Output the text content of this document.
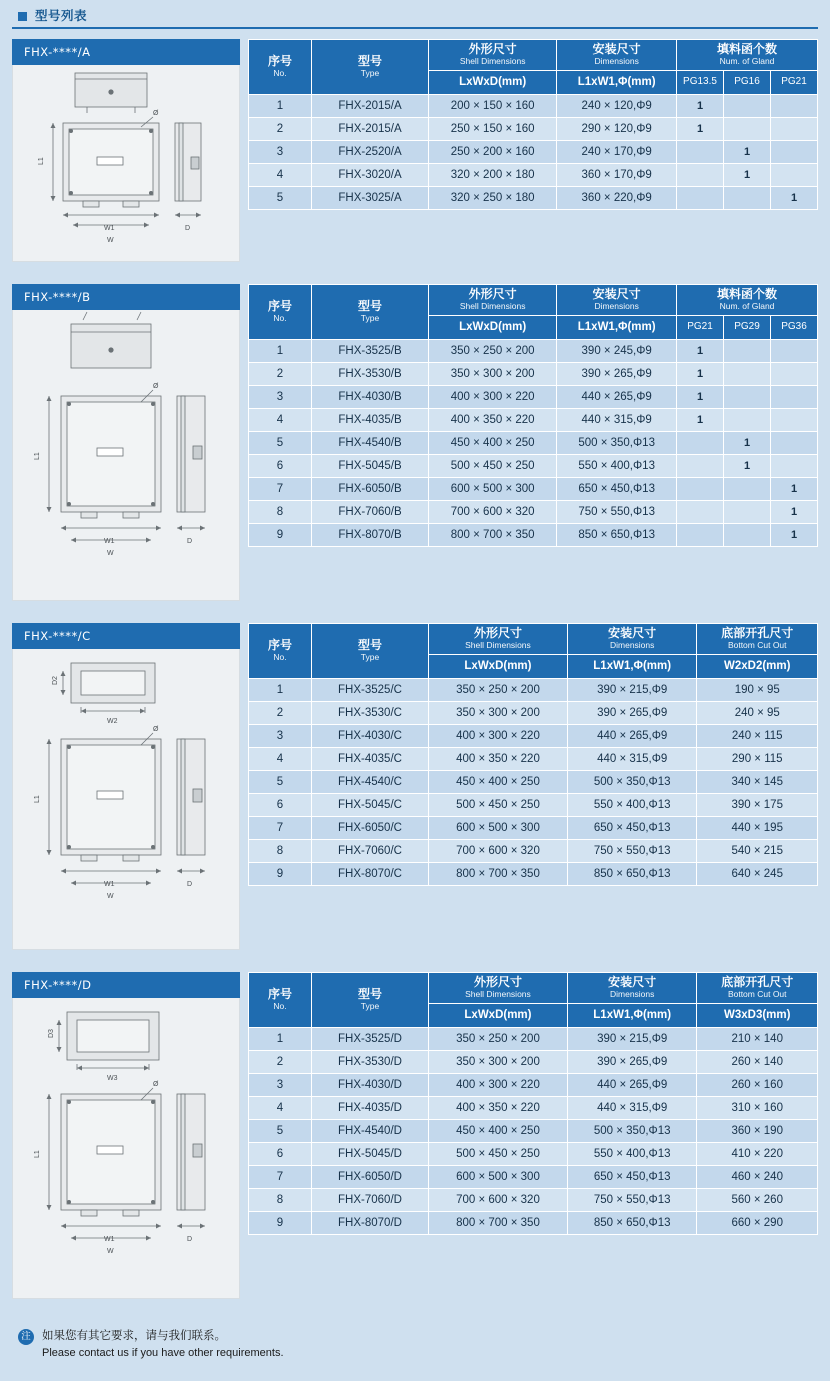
型号列表
FHX-****/A
L1
W1
W
D
Ø
序号
No.	型号
Type	外形尺寸
Shell Dimensions	安装尺寸
Dimensions	填料函个数
Num. of Gland		

		LxWxD(mm)	L1xW1,Φ(mm)	PG13.5	PG16	PG21
1	FHX-2015/A	200 × 150 × 160	240 × 120,Φ9	1		
2	FHX-2015/A	250 × 150 × 160	290 × 120,Φ9	1		
3	FHX-2520/A	250 × 200 × 160	240 × 170,Φ9		1	
4	FHX-3020/A	320 × 200 × 180	360 × 170,Φ9		1	
5	FHX-3025/A	320 × 250 × 180	360 × 220,Φ9			1
FHX-****/B
L1
W1
W
D
Ø
序号
No.	型号
Type	外形尺寸
Shell Dimensions	安装尺寸
Dimensions	填料函个数
Num. of Gland		

		LxWxD(mm)	L1xW1,Φ(mm)	PG21	PG29	PG36
1	FHX-3525/B	350 × 250 × 200	390 × 245,Φ9	1		
2	FHX-3530/B	350 × 300 × 200	390 × 265,Φ9	1		
3	FHX-4030/B	400 × 300 × 220	440 × 265,Φ9	1		
4	FHX-4035/B	400 × 350 × 220	440 × 315,Φ9	1		
5	FHX-4540/B	450 × 400 × 250	500 × 350,Φ13		1	
6	FHX-5045/B	500 × 450 × 250	550 × 400,Φ13		1	
7	FHX-6050/B	600 × 500 × 300	650 × 450,Φ13			1
8	FHX-7060/B	700 × 600 × 320	750 × 550,Φ13			1
9	FHX-8070/B	800 × 700 × 350	850 × 650,Φ13			1
FHX-****/C
D2
W2
L1
W1
W
D
Ø
序号
No.	型号
Type	外形尺寸
Shell Dimensions	安装尺寸
Dimensions	底部开孔尺寸
Bottom Cut Out

		LxWxD(mm)	L1xW1,Φ(mm)	W2xD2(mm)
1	FHX-3525/C	350 × 250 × 200	390 × 215,Φ9	190 × 95
2	FHX-3530/C	350 × 300 × 200	390 × 265,Φ9	240 × 95
3	FHX-4030/C	400 × 300 × 220	440 × 265,Φ9	240 × 115
4	FHX-4035/C	400 × 350 × 220	440 × 315,Φ9	290 × 115
5	FHX-4540/C	450 × 400 × 250	500 × 350,Φ13	340 × 145
6	FHX-5045/C	500 × 450 × 250	550 × 400,Φ13	390 × 175
7	FHX-6050/C	600 × 500 × 300	650 × 450,Φ13	440 × 195
8	FHX-7060/C	700 × 600 × 320	750 × 550,Φ13	540 × 215
9	FHX-8070/C	800 × 700 × 350	850 × 650,Φ13	640 × 245
FHX-****/D
D3
W3
L1
W1
W
D
Ø
序号
No.	型号
Type	外形尺寸
Shell Dimensions	安装尺寸
Dimensions	底部开孔尺寸
Bottom Cut Out

		LxWxD(mm)	L1xW1,Φ(mm)	W3xD3(mm)
1	FHX-3525/D	350 × 250 × 200	390 × 215,Φ9	210 × 140
2	FHX-3530/D	350 × 300 × 200	390 × 265,Φ9	260 × 140
3	FHX-4030/D	400 × 300 × 220	440 × 265,Φ9	260 × 160
4	FHX-4035/D	400 × 350 × 220	440 × 315,Φ9	310 × 160
5	FHX-4540/D	450 × 400 × 250	500 × 350,Φ13	360 × 190
6	FHX-5045/D	500 × 450 × 250	550 × 400,Φ13	410 × 220
7	FHX-6050/D	600 × 500 × 300	650 × 450,Φ13	460 × 240
8	FHX-7060/D	700 × 600 × 320	750 × 550,Φ13	560 × 260
9	FHX-8070/D	800 × 700 × 350	850 × 650,Φ13	660 × 290
注 如果您有其它要求，请与我们联系。
Please contact us if you have other requirements.
